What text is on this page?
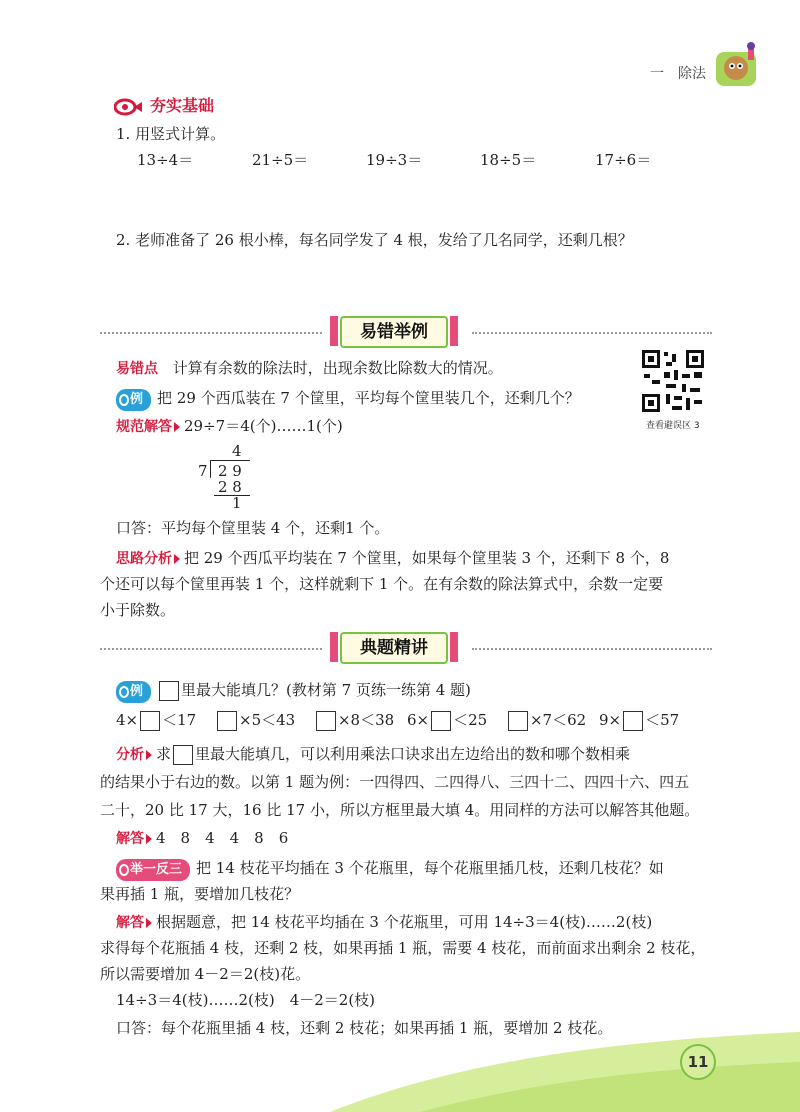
一　除法
夯实基础
1. 用竖式计算。
13÷4＝	21÷5＝	19÷3＝	18÷5＝	17÷6＝
2. 老师准备了 26 根小棒，每名同学发了 4 根，发给了几名同学，还剩几根？
易错举例
易错点 计算有余数的除法时，出现余数比除数大的情况。
例 把 29 个西瓜装在 7 个筐里，平均每个筐里装几个，还剩几个？
规范解答 29÷7＝4(个)……1(个)	查看避误区 3
4
7 2 9
2 8
1
口答：平均每个筐里装 4 个，还剩1 个。
思路分析 把 29 个西瓜平均装在 7 个筐里，如果每个筐里装 3 个，还剩下 8 个，8
个还可以每个筐里再装 1 个，这样就剩下 1 个。在有余数的除法算式中，余数一定要
小于除数。
典题精讲
例	里最大能填几？(教材第 7 页练一练第 4 题)
4× ＜17	×5＜43	×8＜38 6× ＜25	×7＜62 9× ＜57
分析 求 里最大能填几，可以利用乘法口诀求出左边给出的数和哪个数相乘
的结果小于右边的数。以第 1 题为例：一四得四、二四得八、三四十二、四四十六、四五
二十，20 比 17 大，16 比 17 小，所以方框里最大填 4。用同样的方法可以解答其他题。
解答 4　8　4　4　8　6
举一反三 把 14 枝花平均插在 3 个花瓶里，每个花瓶里插几枝，还剩几枝花？如
果再插 1 瓶，要增加几枝花？
解答 根据题意，把 14 枝花平均插在 3 个花瓶里，可用 14÷3＝4(枝)……2(枝)
求得每个花瓶插 4 枝，还剩 2 枝，如果再插 1 瓶，需要 4 枝花，而前面求出剩余 2 枝花，
所以需要增加 4－2＝2(枝)花。
14÷3＝4(枝)……2(枝)　4－2＝2(枝)
口答：每个花瓶里插 4 枝，还剩 2 枝花；如果再插 1 瓶，要增加 2 枝花。
11
